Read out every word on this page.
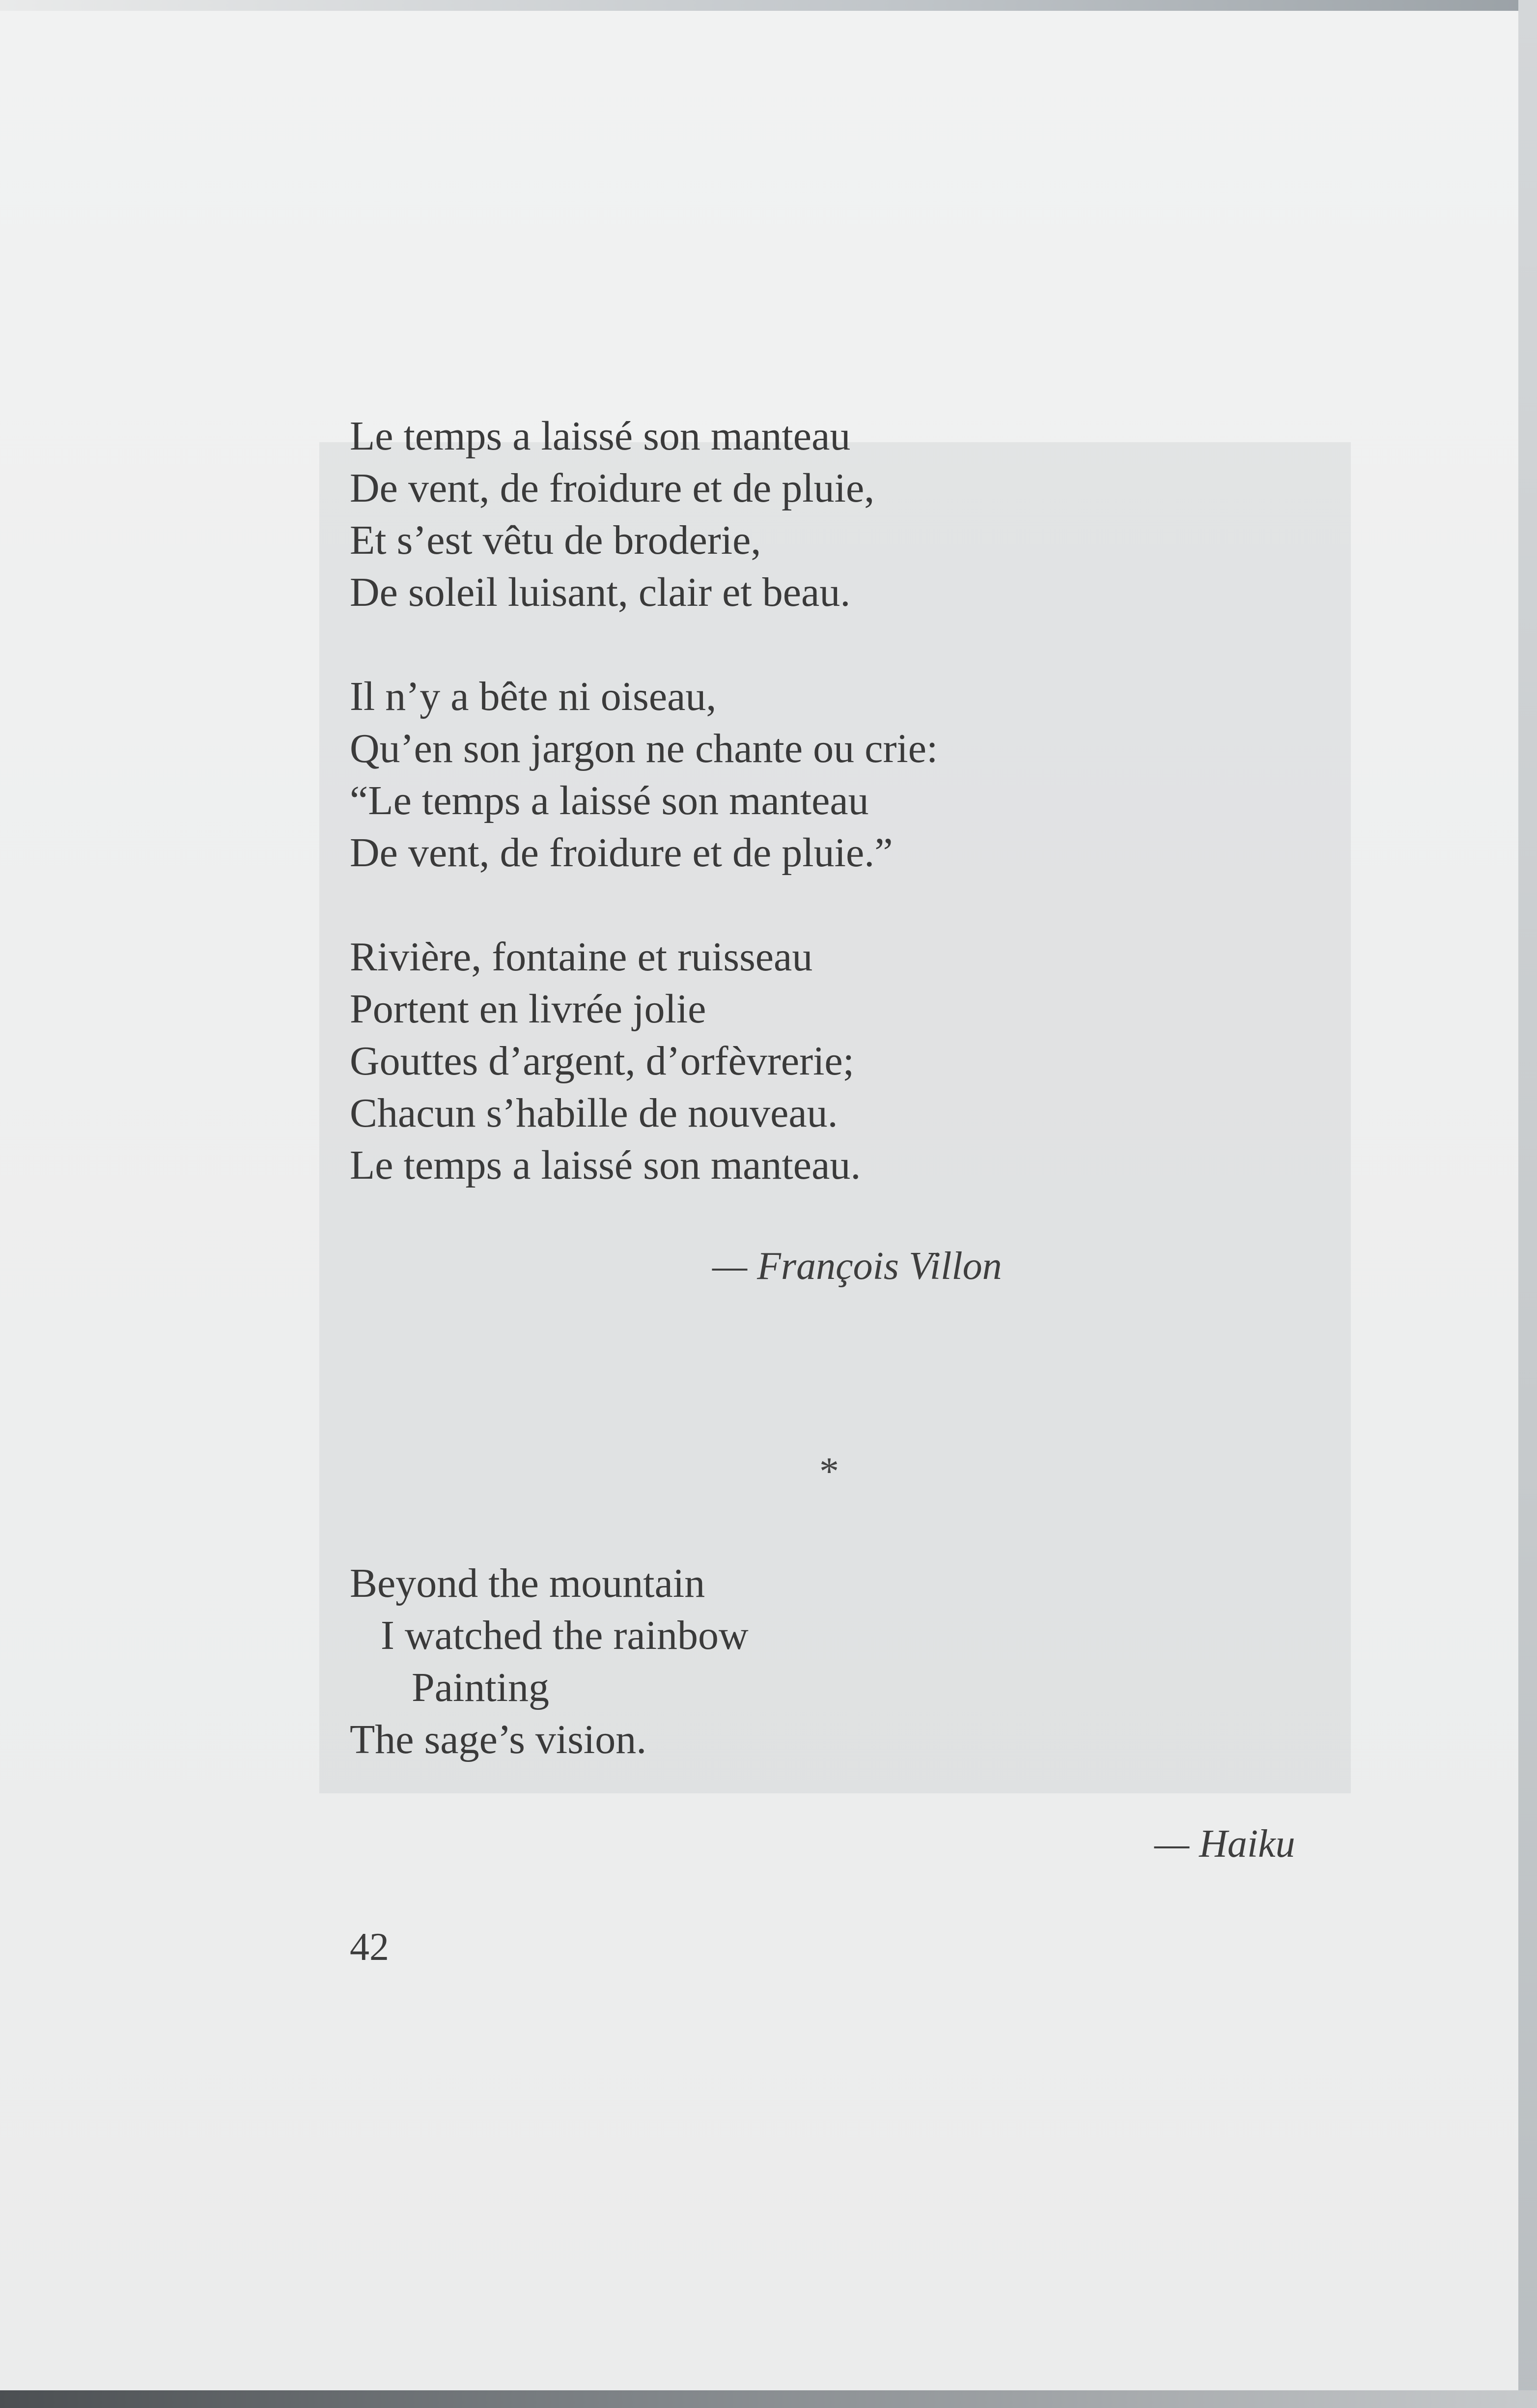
Le temps a laissé son manteau
De vent, de froidure et de pluie,
Et s’est vêtu de broderie,
De soleil luisant, clair et beau.
Il n’y a bête ni oiseau,
Qu’en son jargon ne chante ou crie:
“Le temps a laissé son manteau
De vent, de froidure et de pluie.”
Rivière, fontaine et ruisseau
Portent en livrée jolie
Gouttes d’argent, d’orfèvrerie;
Chacun s’habille de nouveau.
Le temps a laissé son manteau.
— François Villon
*
Beyond the mountain
I watched the rainbow
Painting
The sage’s vision.
— Haiku
42
